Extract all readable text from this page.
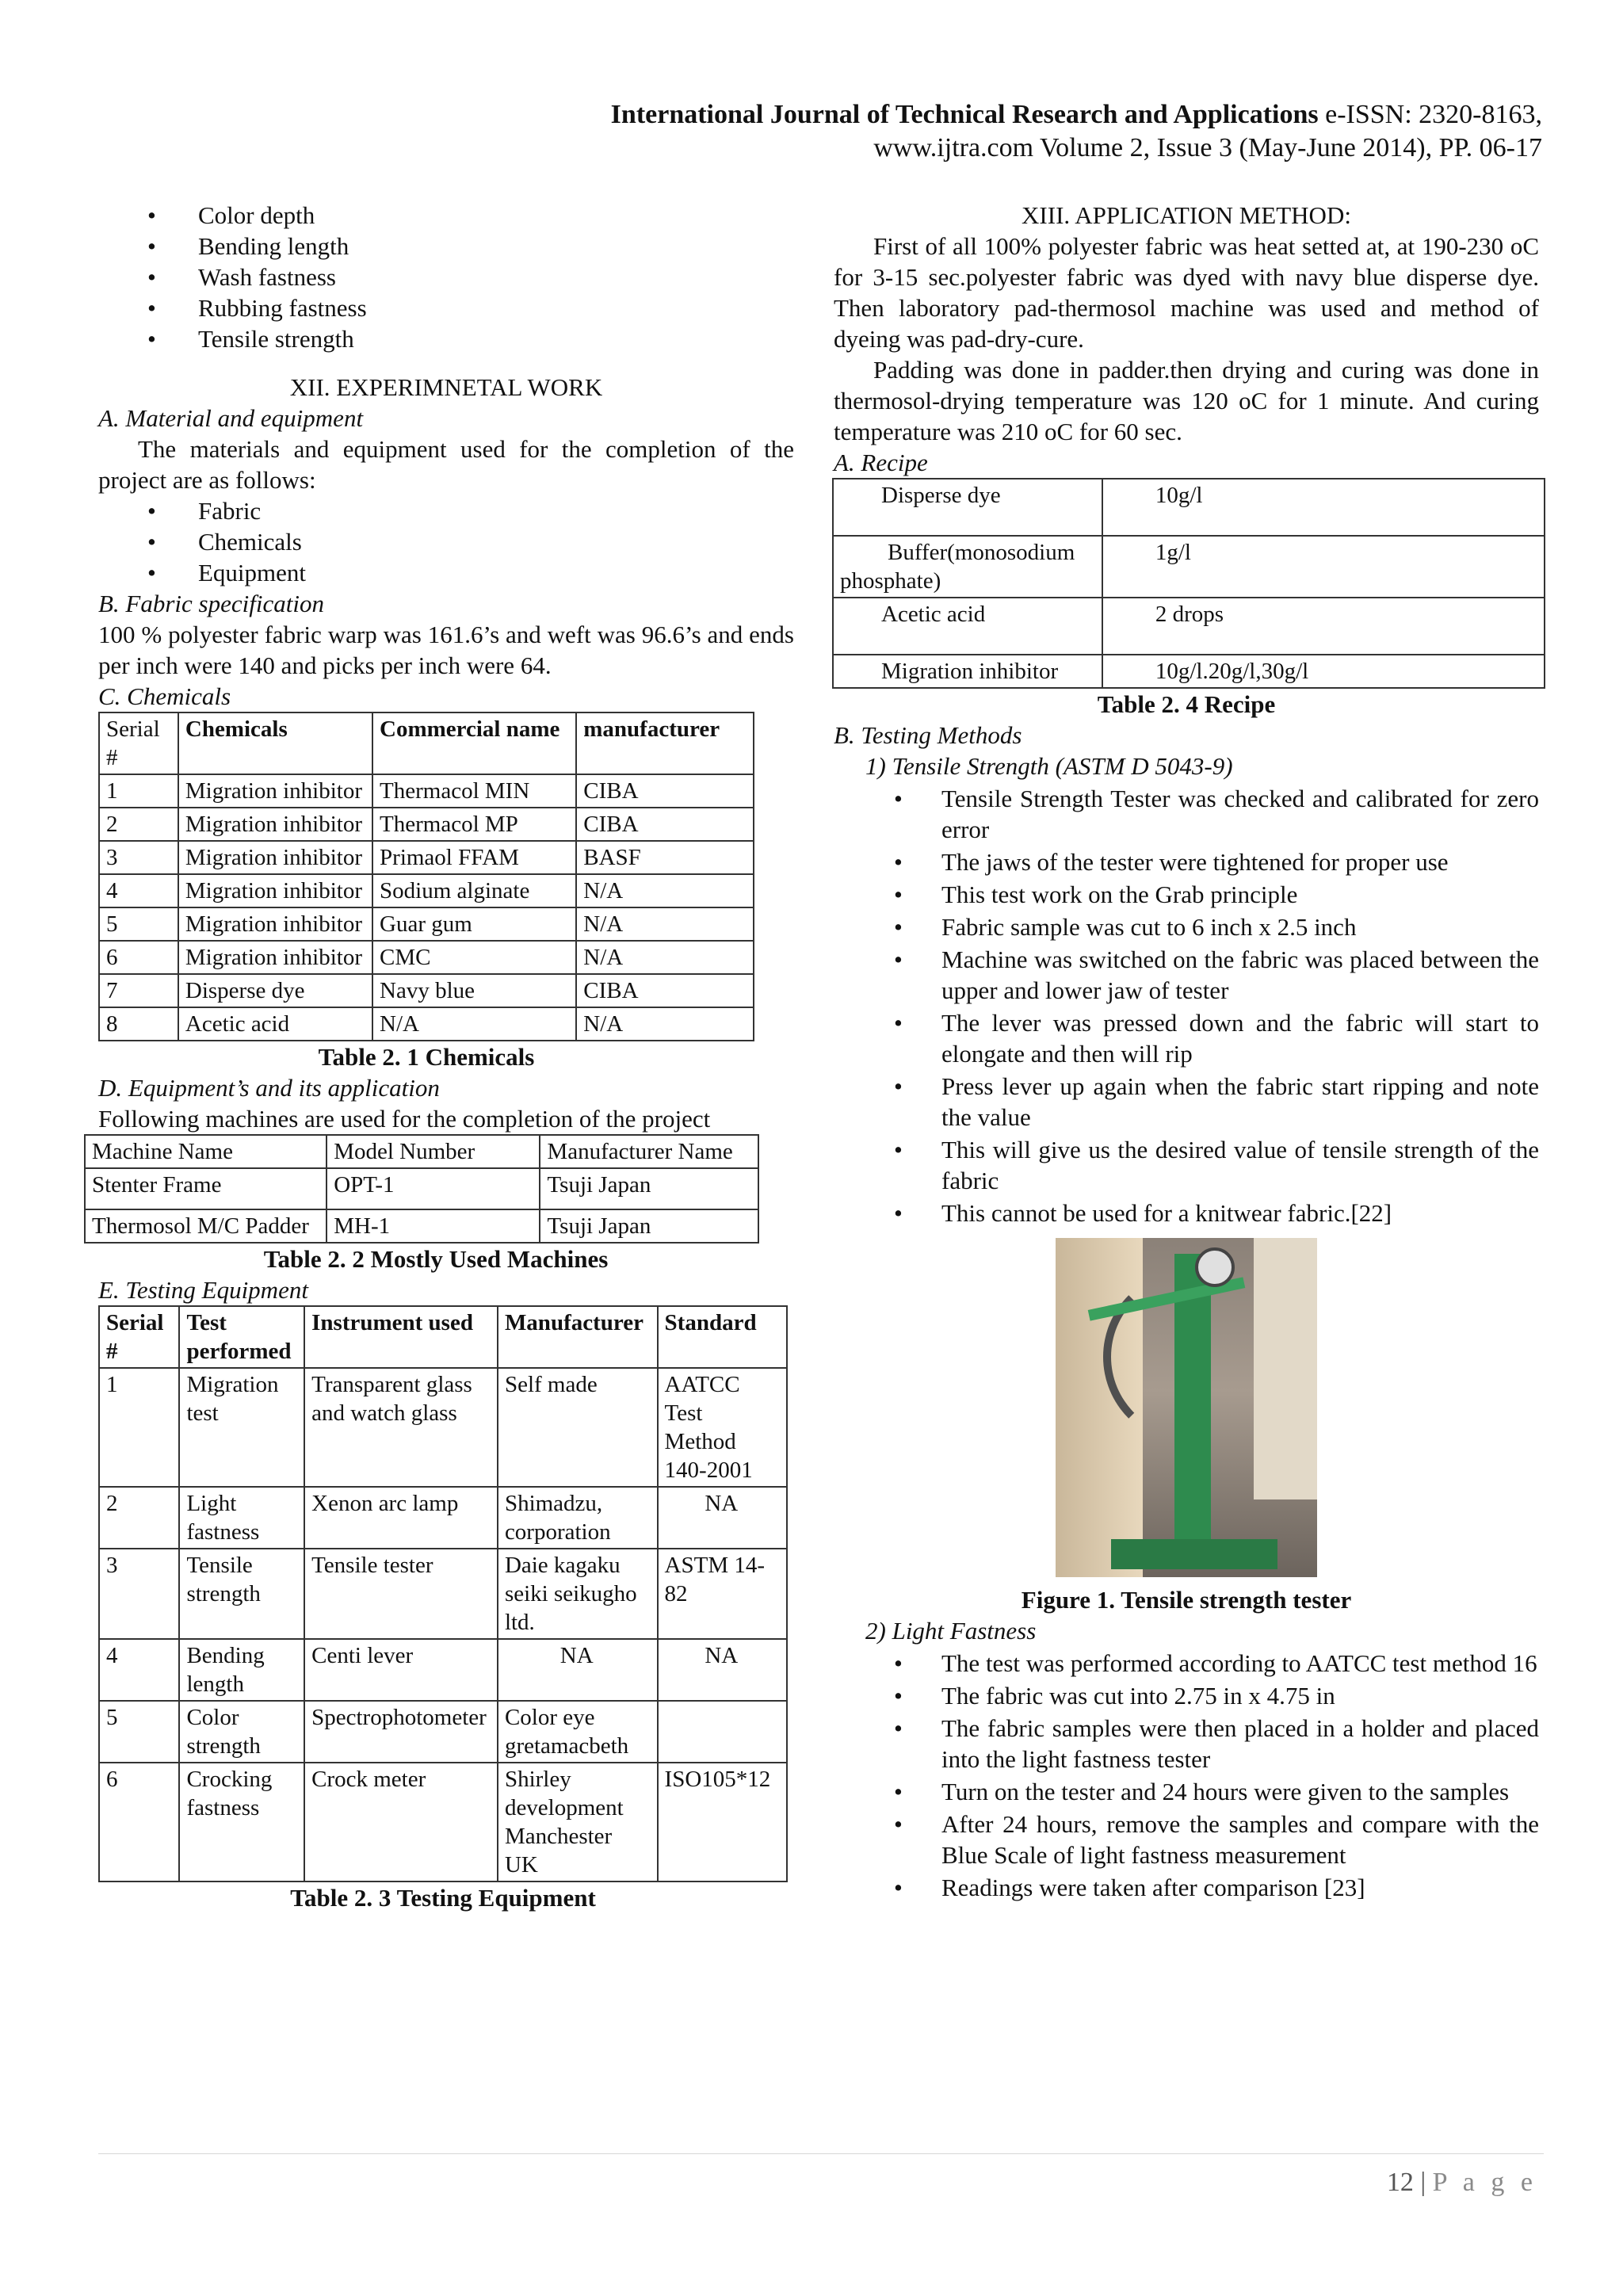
International Journal of Technical Research and Applications e-ISSN: 2320-8163,
www.ijtra.com Volume 2, Issue 3 (May-June 2014), PP. 06-17
• Color depth
• Bending length
• Wash fastness
• Rubbing fastness
• Tensile strength

XII. EXPERIMNETAL WORK

A. Material and equipment

The materials and equipment used for the completion of the project are as follows:

• Fabric
• Chemicals
• Equipment

B. Fabric specification

100 % polyester fabric warp was 161.6’s and weft was 96.6’s and ends per inch were 140 and picks per inch were 64.

C. Chemicals

Serial #	Chemicals	Commercial name	manufacturer
1	Migration inhibitor	Thermacol MIN	CIBA
2	Migration inhibitor	Thermacol MP	CIBA
3	Migration inhibitor	Primaol FFAM	BASF
4	Migration inhibitor	Sodium alginate	N/A
5	Migration inhibitor	Guar gum	N/A
6	Migration inhibitor	CMC	N/A
7	Disperse dye	Navy blue	CIBA
8	Acetic acid	N/A	N/A

Table 2. 1 Chemicals

D. Equipment’s and its application

Following machines are used for the completion of the project

Machine Name	Model Number	Manufacturer Name
Stenter Frame	OPT-1	Tsuji Japan
Thermosol M/C Padder	MH-1	Tsuji Japan

Table 2. 2 Mostly Used Machines

E. Testing Equipment

Serial #	Test performed	Instrument used	Manufacturer	Standard
1	Migration test	Transparent glass and watch glass	Self made	AATCC Test Method 140-2001
2	Light fastness	Xenon arc lamp	Shimadzu, corporation	NA
3	Tensile strength	Tensile tester	Daie kagaku seiki seikugho ltd.	ASTM 14-82
4	Bending length	Centi lever	NA	NA
5	Color strength	Spectrophotometer	Color eye gretamacbeth	
6	Crocking fastness	Crock meter	Shirley development Manchester UK	ISO105*12

Table 2. 3 Testing Equipment

XIII. APPLICATION METHOD:

First of all 100% polyester fabric was heat setted at, at 190-230 oC for 3-15 sec.polyester fabric was dyed with navy blue disperse dye. Then laboratory pad-thermosol machine was used and method of dyeing was pad-dry-cure.

Padding was done in padder.then drying and curing was done in thermosol-drying temperature was 120 oC for 1 minute. And curing temperature was 210 oC for 60 sec.

A. Recipe

Disperse dye	10g/l
Buffer(monosodium phosphate)	1g/l
Acetic acid	2 drops
Migration inhibitor	10g/l.20g/l,30g/l

Table 2. 4 Recipe

B. Testing Methods

1) Tensile Strength (ASTM D 5043-9)

• Tensile Strength Tester was checked and calibrated for zero error
• The jaws of the tester were tightened for proper use
• This test work on the Grab principle
• Fabric sample was cut to 6 inch x 2.5 inch
• Machine was switched on the fabric was placed between the upper and lower jaw of tester
• The lever was pressed down and the fabric will start to elongate and then will rip
• Press lever up again when the fabric start ripping and note the value
• This will give us the desired value of tensile strength of the fabric
• This cannot be used for a knitwear fabric.[22]

Figure 1. Tensile strength tester

2) Light Fastness

• The test was performed according to AATCC test method 16
• The fabric was cut into 2.75 in x 4.75 in
• The fabric samples were then placed in a holder and placed into the light fastness tester
• Turn on the tester and 24 hours were given to the samples
• After 24 hours, remove the samples and compare with the Blue Scale of light fastness measurement
• Readings were taken after comparison [23]
12 | P a g e
